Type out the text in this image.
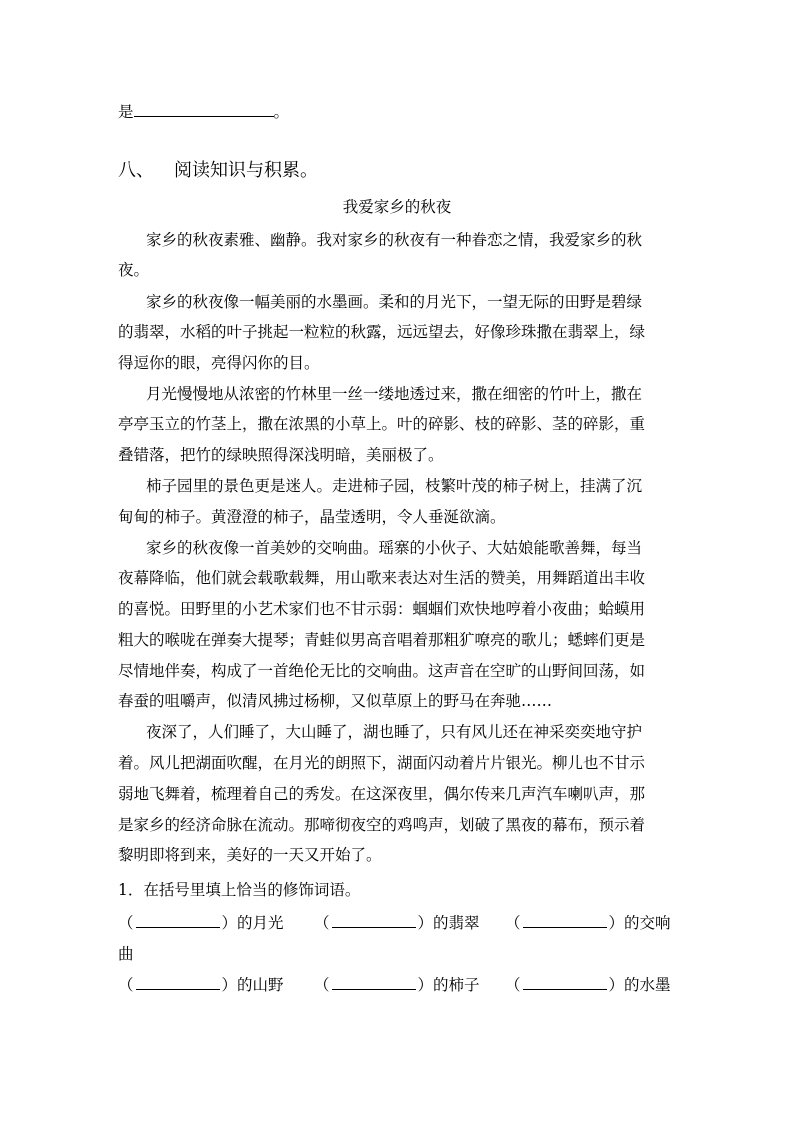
是	。
八、 阅读知识与积累。
我爱家乡的秋夜
家乡的秋夜素雅、幽静。我对家乡的秋夜有一种眷恋之情，我爱家乡的秋
夜。
家乡的秋夜像一幅美丽的水墨画。柔和的月光下，一望无际的田野是碧绿
的翡翠，水稻的叶子挑起一粒粒的秋露，远远望去，好像珍珠撒在翡翠上，绿
得逗你的眼，亮得闪你的目。
月光慢慢地从浓密的竹林里一丝一缕地透过来，撒在细密的竹叶上，撒在
亭亭玉立的竹茎上，撒在浓黑的小草上。叶的碎影、枝的碎影、茎的碎影，重
叠错落，把竹的绿映照得深浅明暗，美丽极了。
柿子园里的景色更是迷人。走进柿子园，枝繁叶茂的柿子树上，挂满了沉
甸甸的柿子。黄澄澄的柿子，晶莹透明，令人垂涎欲滴。
家乡的秋夜像一首美妙的交响曲。瑶寨的小伙子、大姑娘能歌善舞，每当
夜幕降临，他们就会载歌载舞，用山歌来表达对生活的赞美，用舞蹈道出丰收
的喜悦。田野里的小艺术家们也不甘示弱：蝈蝈们欢快地哼着小夜曲；蛤蟆用
粗大的喉咙在弹奏大提琴；青蛙似男高音唱着那粗犷嘹亮的歌儿；蟋蟀们更是
尽情地伴奏，构成了一首绝伦无比的交响曲。这声音在空旷的山野间回荡，如
春蚕的咀嚼声，似清风拂过杨柳，又似草原上的野马在奔驰……
夜深了，人们睡了，大山睡了，湖也睡了，只有风儿还在神采奕奕地守护
着。风儿把湖面吹醒，在月光的朗照下，湖面闪动着片片银光。柳儿也不甘示
弱地飞舞着，梳理着自己的秀发。在这深夜里，偶尔传来几声汽车喇叭声，那
是家乡的经济命脉在流动。那啼彻夜空的鸡鸣声，划破了黑夜的幕布，预示着
黎明即将到来，美好的一天又开始了。
1．在括号里填上恰当的修饰词语。
（	）的月光 （	）的翡翠 （	）的交响
曲
（	）的山野 （	）的柿子 （	）的水墨
